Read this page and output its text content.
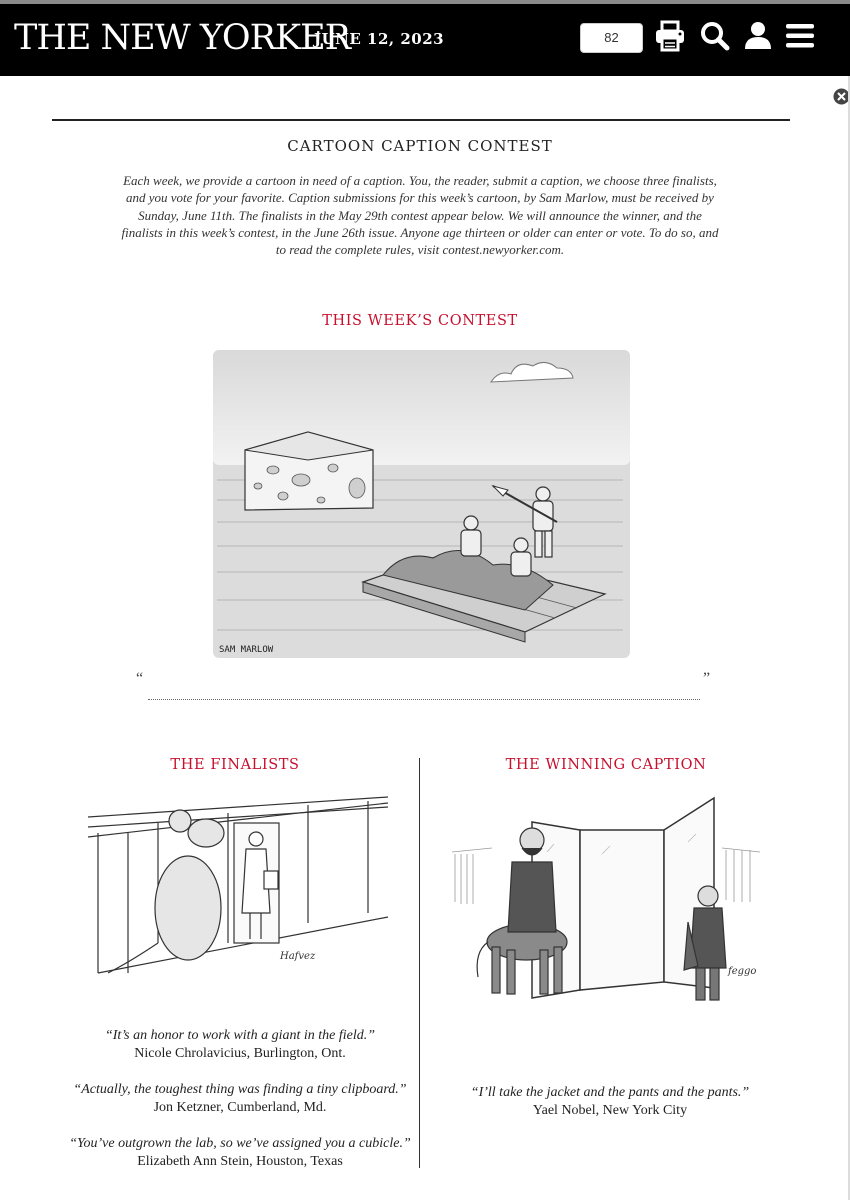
THE NEW YORKER
JUNE 12, 2023	82
CARTOON CAPTION CONTEST

Each week, we provide a cartoon in need of a caption. You, the reader, submit a caption, we choose three finalists, and you vote for your favorite. Caption submissions for this week’s cartoon, by Sam Marlow, must be received by Sunday, June 11th. The finalists in the May 29th contest appear below. We will announce the winner, and the finalists in this week’s contest, in the June 26th issue. Anyone age thirteen or older can enter or vote. To do so, and to read the complete rules, visit contest.newyorker.com.

THIS WEEK’S CONTEST
SAM MARLOW
“	”
THE FINALISTS
Hafvez
“It’s an honor to work with a giant in the field.”
Nicole Chrolavicius, Burlington, Ont.
“Actually, the toughest thing was finding a tiny clipboard.”
Jon Ketzner, Cumberland, Md.
“You’ve outgrown the lab, so we’ve assigned you a cubicle.”
Elizabeth Ann Stein, Houston, Texas
THE WINNING CAPTION
feggo
“I’ll take the jacket and the pants and the pants.”
Yael Nobel, New York City
